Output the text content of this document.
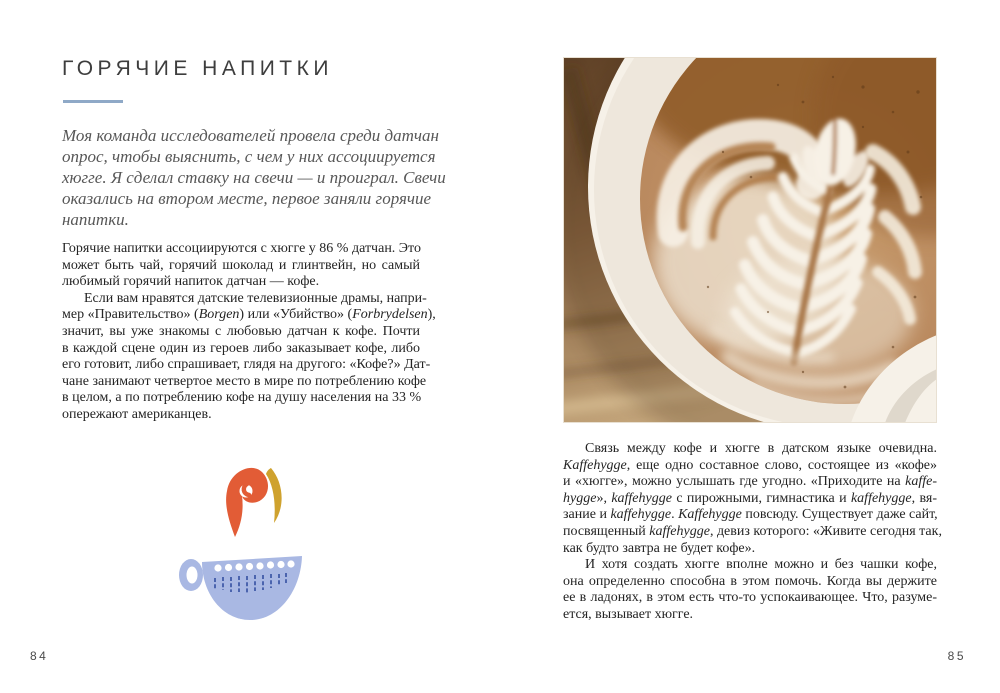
ГОРЯЧИЕ НАПИТКИ
Моя команда исследователей провела среди датчан
опрос, чтобы выяснить, с чем у них ассоциируется
хюгге. Я сделал ставку на свечи — и проиграл. Свечи
оказались на втором месте, первое заняли горячие
напитки.
Горячие напитки ассоциируются с хюгге у 86 % датчан. Это
может быть чай, горячий шоколад и глинтвейн, но самый
любимый горячий напиток датчан — кофе.
Если вам нравятся датские телевизионные драмы, напри-
мер «Правительство» (Borgen) или «Убийство» (Forbrydelsen),
значит, вы уже знакомы с любовью датчан к кофе. Почти
в каждой сцене один из героев либо заказывает кофе, либо
его готовит, либо спрашивает, глядя на другого: «Кофе?» Дат-
чане занимают четвертое место в мире по потреблению кофе
в целом, а по потреблению кофе на душу населения на 33 %
опережают американцев.
84
Связь между кофе и хюгге в датском языке очевидна.
Kaffehygge, еще одно составное слово, состоящее из «кофе»
и «хюгге», можно услышать где угодно. «Приходите на kaffe-
hygge», kaffehygge с пирожными, гимнастика и kaffehygge, вя-
зание и kaffehygge. Kaffehygge повсюду. Существует даже сайт,
посвященный kaffehygge, девиз которого: «Живите сегодня так,
как будто завтра не будет кофе».
И хотя создать хюгге вполне можно и без чашки кофе,
она определенно способна в этом помочь. Когда вы держите
ее в ладонях, в этом есть что-то успокаивающее. Что, разуме-
ется, вызывает хюгге.
85
